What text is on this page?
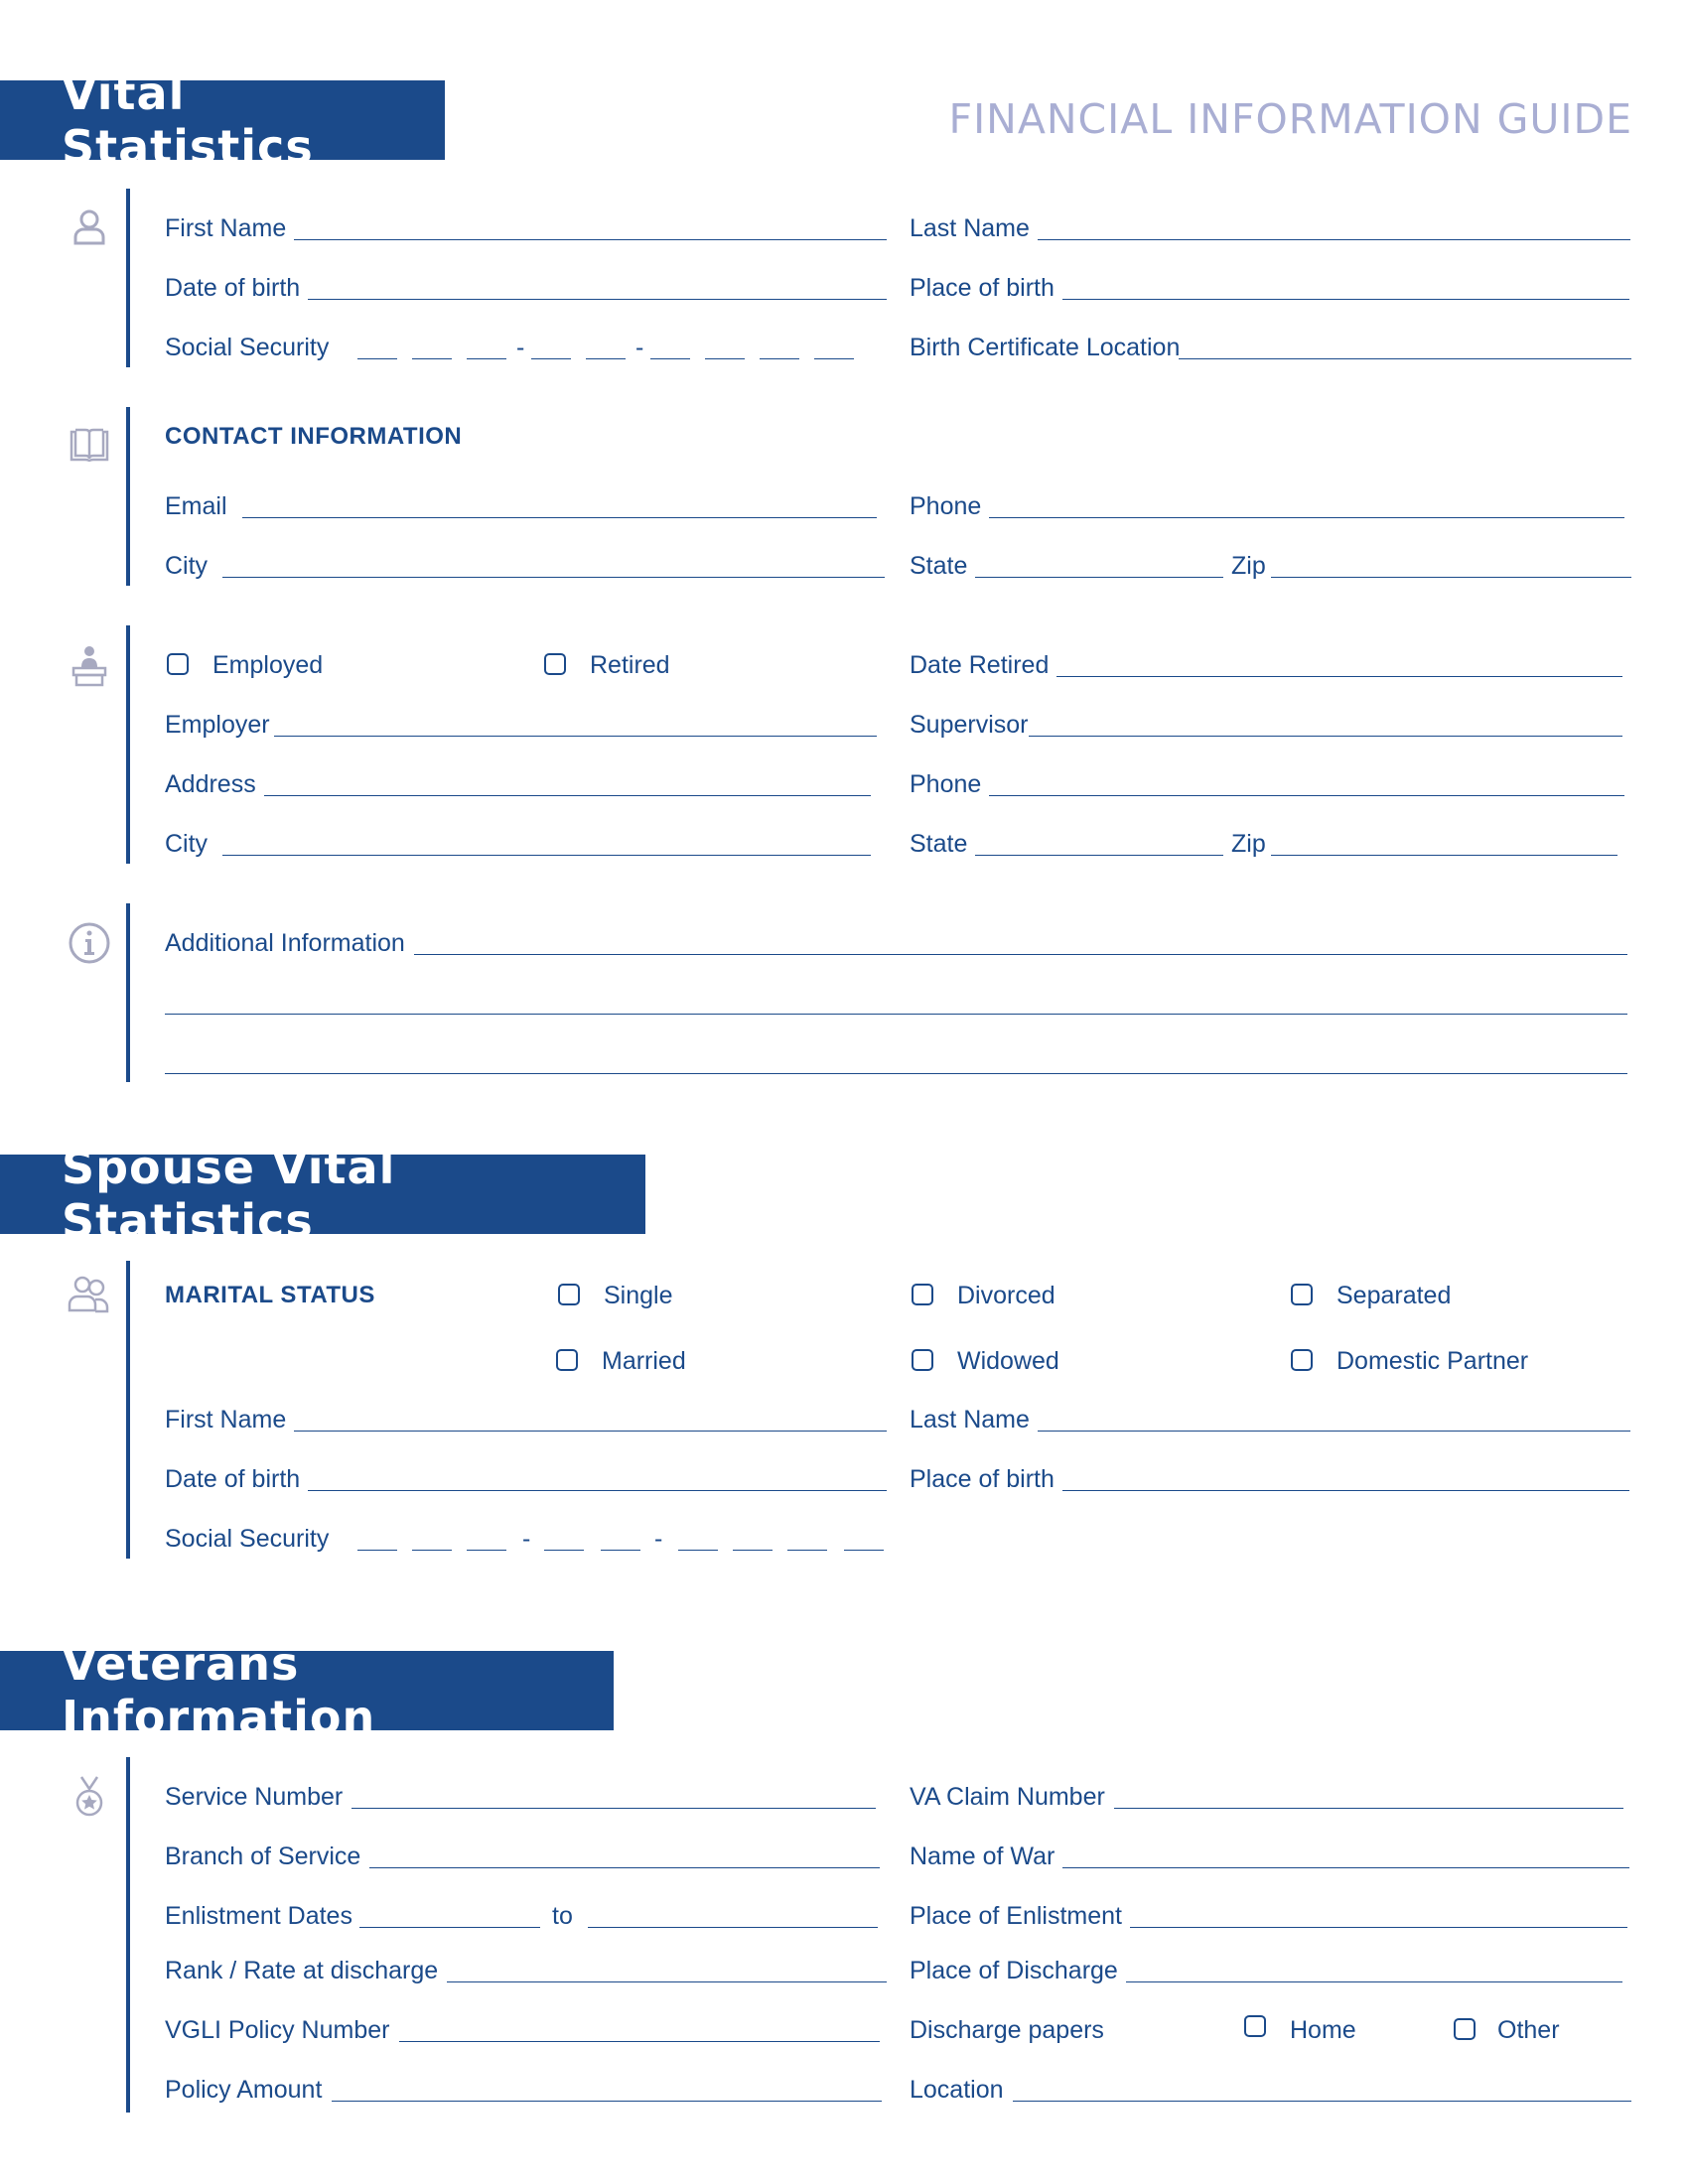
Vital Statistics
FINANCIAL INFORMATION GUIDE
First Name	Last Name
Date of birth	Place of birth
Social Security	-	-	Birth Certificate Location
CONTACT INFORMATION
Email	Phone
City	State	Zip
Employed	Retired	Date Retired
Employer	Supervisor
Address	Phone
City	State	Zip
Additional Information
Spouse Vital Statistics
MARITAL STATUS	Single	Divorced	Separated
Married	Widowed	Domestic Partner
First Name	Last Name
Date of birth	Place of birth
Social Security	-	-
Veterans Information
Service Number	VA Claim Number
Branch of Service	Name of War
Enlistment Dates	to	Place of Enlistment
Rank / Rate at discharge	Place of Discharge
VGLI Policy Number	Discharge papers	Home	Other
Policy Amount	Location
